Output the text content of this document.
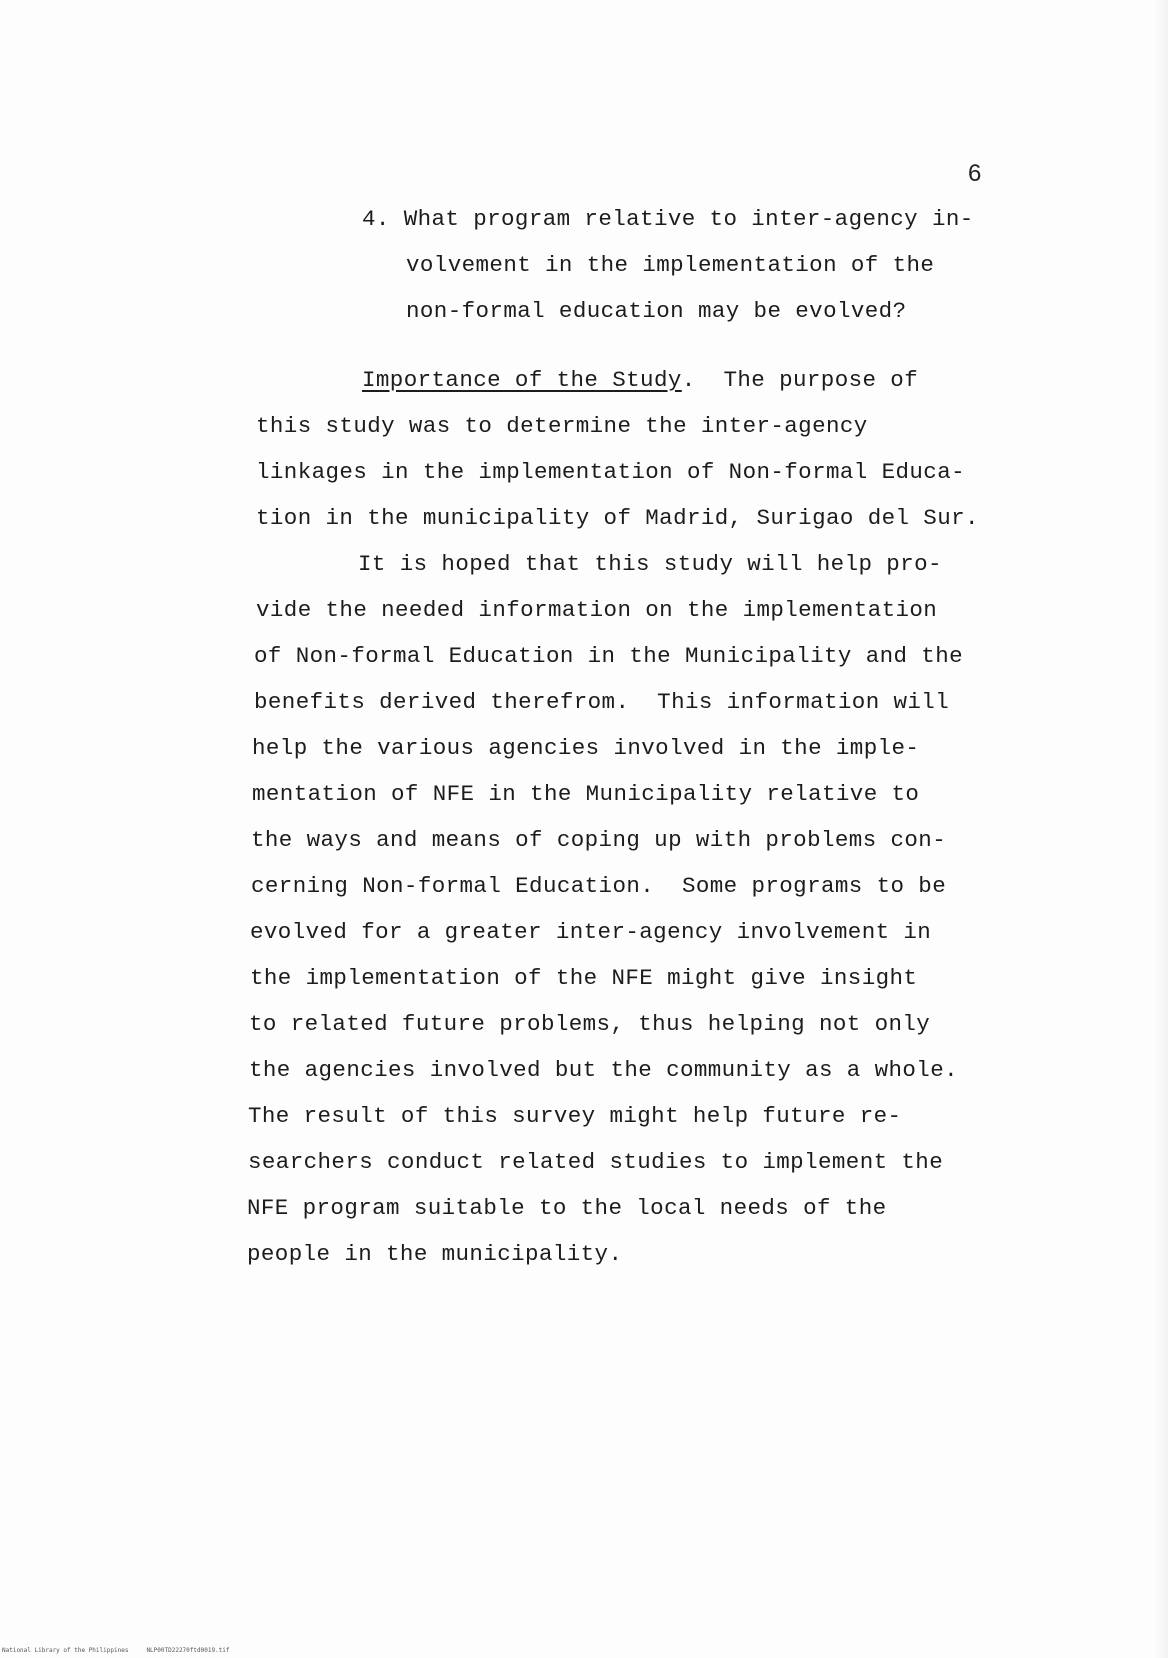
6
4. What program relative to inter-agency in-
volvement in the implementation of the
non-formal education may be evolved?
Importance of the Study.  The purpose of
this study was to determine the inter-agency
linkages in the implementation of Non-formal Educa-
tion in the municipality of Madrid, Surigao del Sur.
It is hoped that this study will help pro-
vide the needed information on the implementation
of Non-formal Education in the Municipality and the
benefits derived therefrom.  This information will
help the various agencies involved in the imple-
mentation of NFE in the Municipality relative to
the ways and means of coping up with problems con-
cerning Non-formal Education.  Some programs to be
evolved for a greater inter-agency involvement in
the implementation of the NFE might give insight
to related future problems, thus helping not only
the agencies involved but the community as a whole.
The result of this survey might help future re-
searchers conduct related studies to implement the
NFE program suitable to the local needs of the
people in the municipality.
National Library of the Philippines	NLP00TD22270ftd0019.tif
